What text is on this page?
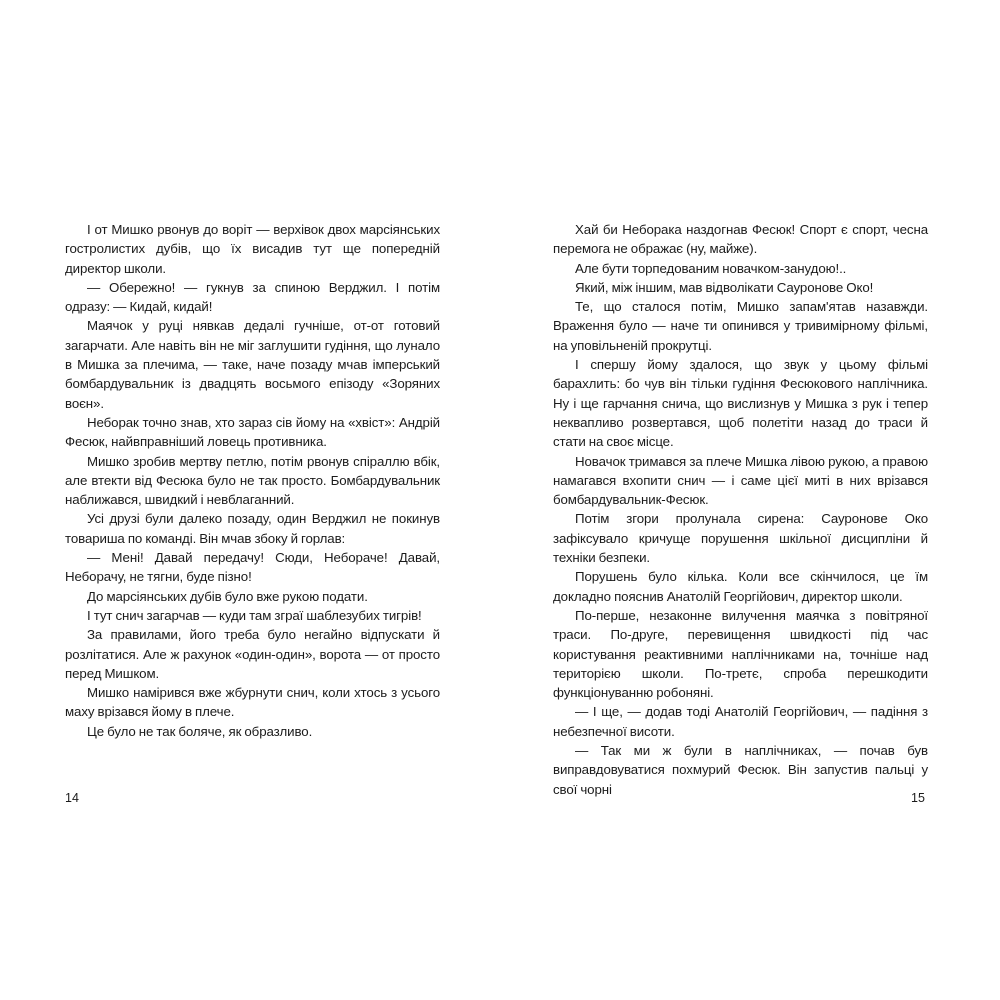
І от Мишко рвонув до воріт — верхівок двох марсіянських гостролистих дубів, що їх висадив тут ще попередній директор школи.

— Обережно! — гукнув за спиною Верджил. І потім одразу: — Кидай, кидай!

Маячок у руці нявкав дедалі гучніше, от-от готовий загарчати. Але навіть він не міг заглушити гудіння, що лунало в Мишка за плечима, — таке, наче позаду мчав імперський бомбардувальник із двадцять восьмого епізоду «Зоряних воєн».

Неборак точно знав, хто зараз сів йому на «хвіст»: Андрій Фесюк, найвправніший ловець противника.

Мишко зробив мертву петлю, потім рвонув спіраллю вбік, але втекти від Фесюка було не так просто. Бомбардувальник наближався, швидкий і невблаганний.

Усі друзі були далеко позаду, один Верджил не покинув товариша по команді. Він мчав збоку й горлав:

— Мені! Давай передачу! Сюди, Небораче! Давай, Неборачу, не тягни, буде пізно!

До марсіянських дубів було вже рукою подати.

І тут снич загарчав — куди там зграї шаблезубих тигрів!

За правилами, його треба було негайно відпускати й розлітатися. Але ж рахунок «один-один», ворота — от просто перед Мишком.

Мишко намірився вже жбурнути снич, коли хтось з усього маху врізався йому в плече.

Це було не так боляче, як образливо.

Хай би Неборака наздогнав Фесюк! Спорт є спорт, чесна перемога не ображає (ну, майже).

Але бути торпедованим новачком-занудою!..

Який, між іншим, мав відволікати Сауронове Око!

Те, що сталося потім, Мишко запам'ятав назавжди. Враження було — наче ти опинився у тривимірному фільмі, на уповільненій прокрутці.

І спершу йому здалося, що звук у цьому фільмі барахлить: бо чув він тільки гудіння Фесюкового наплічника. Ну і ще гарчання снича, що вислизнув у Мишка з рук і тепер неквапливо розвертався, щоб полетіти назад до траси й стати на своє місце.

Новачок тримався за плече Мишка лівою рукою, а правою намагався вхопити снич — і саме цієї миті в них врізався бомбардувальник-Фесюк.

Потім згори пролунала сирена: Сауронове Око зафіксувало кричуще порушення шкільної дисципліни й техніки безпеки.

Порушень було кілька. Коли все скінчилося, це їм докладно пояснив Анатолій Георгійович, директор школи.

По-перше, незаконне вилучення маячка з повітряної траси. По-друге, перевищення швидкості під час користування реактивними наплічниками на, точніше над територією школи. По-третє, спроба перешкодити функціонуванню робоняні.

— І ще, — додав тоді Анатолій Георгійович, — падіння з небезпечної висоти.

— Так ми ж були в наплічниках, — почав був виправдовуватися похмурий Фесюк. Він запустив пальці у свої чорні

14	15
